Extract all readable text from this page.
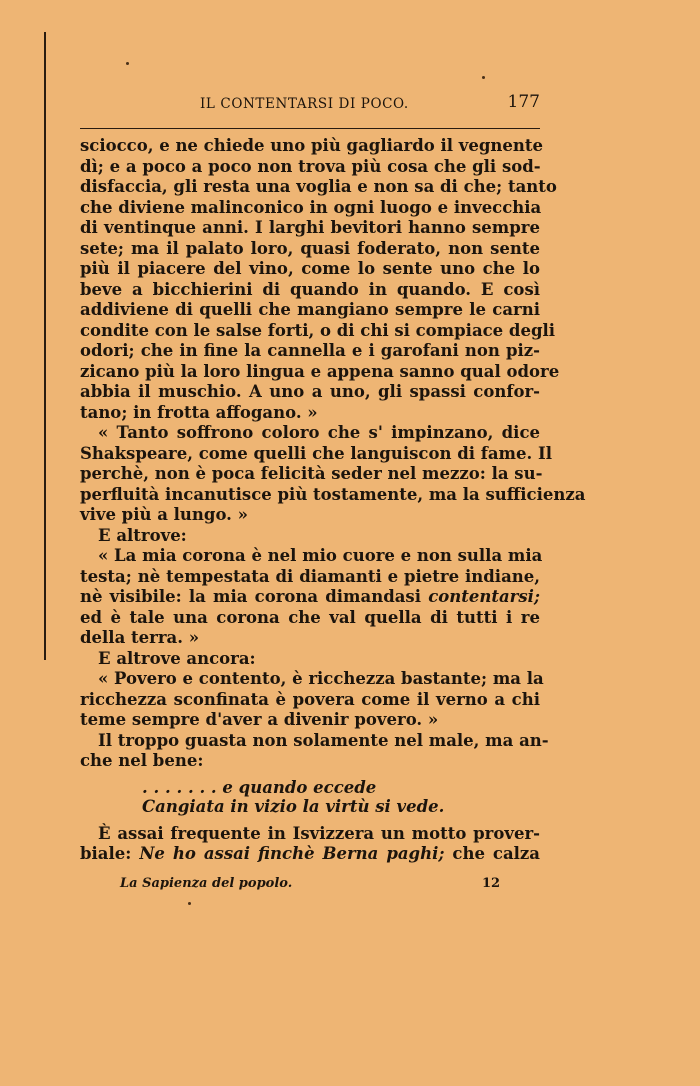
IL CONTENTARSI DI POCO.	177
sciocco, e ne chiede uno più gagliardo il vegnente
dì; e a poco a poco non trova più cosa che gli sod-
disfaccia, gli resta una voglia e non sa di che; tanto
che diviene malinconico in ogni luogo e invecchia
di ventinque anni. I larghi bevitori hanno sempre
sete; ma il palato loro, quasi foderato, non sente
più il piacere del vino, come lo sente uno che lo
beve a bicchierini di quando in quando. E così
addiviene di quelli che mangiano sempre le carni
condite con le salse forti, o di chi si compiace degli
odori; che in fine la cannella e i garofani non piz-
zicano più la loro lingua e appena sanno qual odore
abbia il muschio. A uno a uno, gli spassi confor-
tano; in frotta affogano. »
« Tanto soffrono coloro che s' impinzano, dice
Shakspeare, come quelli che languiscon di fame. Il
perchè, non è poca felicità seder nel mezzo: la su-
perfluità incanutisce più tostamente, ma la sufficienza
vive più a lungo. »
E altrove:
« La mia corona è nel mio cuore e non sulla mia
testa; nè tempestata di diamanti e pietre indiane,
nè visibile: la mia corona dimandasi contentarsi;
ed è tale una corona che val quella di tutti i re
della terra. »
E altrove ancora:
« Povero e contento, è ricchezza bastante; ma la
ricchezza sconfinata è povera come il verno a chi
teme sempre d'aver a divenir povero. »
Il troppo guasta non solamente nel male, ma an-
che nel bene:
. . . . . . . e quando eccede
Cangiata in vizio la virtù si vede.
È assai frequente in Isvizzera un motto prover-
biale: Ne ho assai finchè Berna paghi; che calza
La Sapienza del popolo.	12
